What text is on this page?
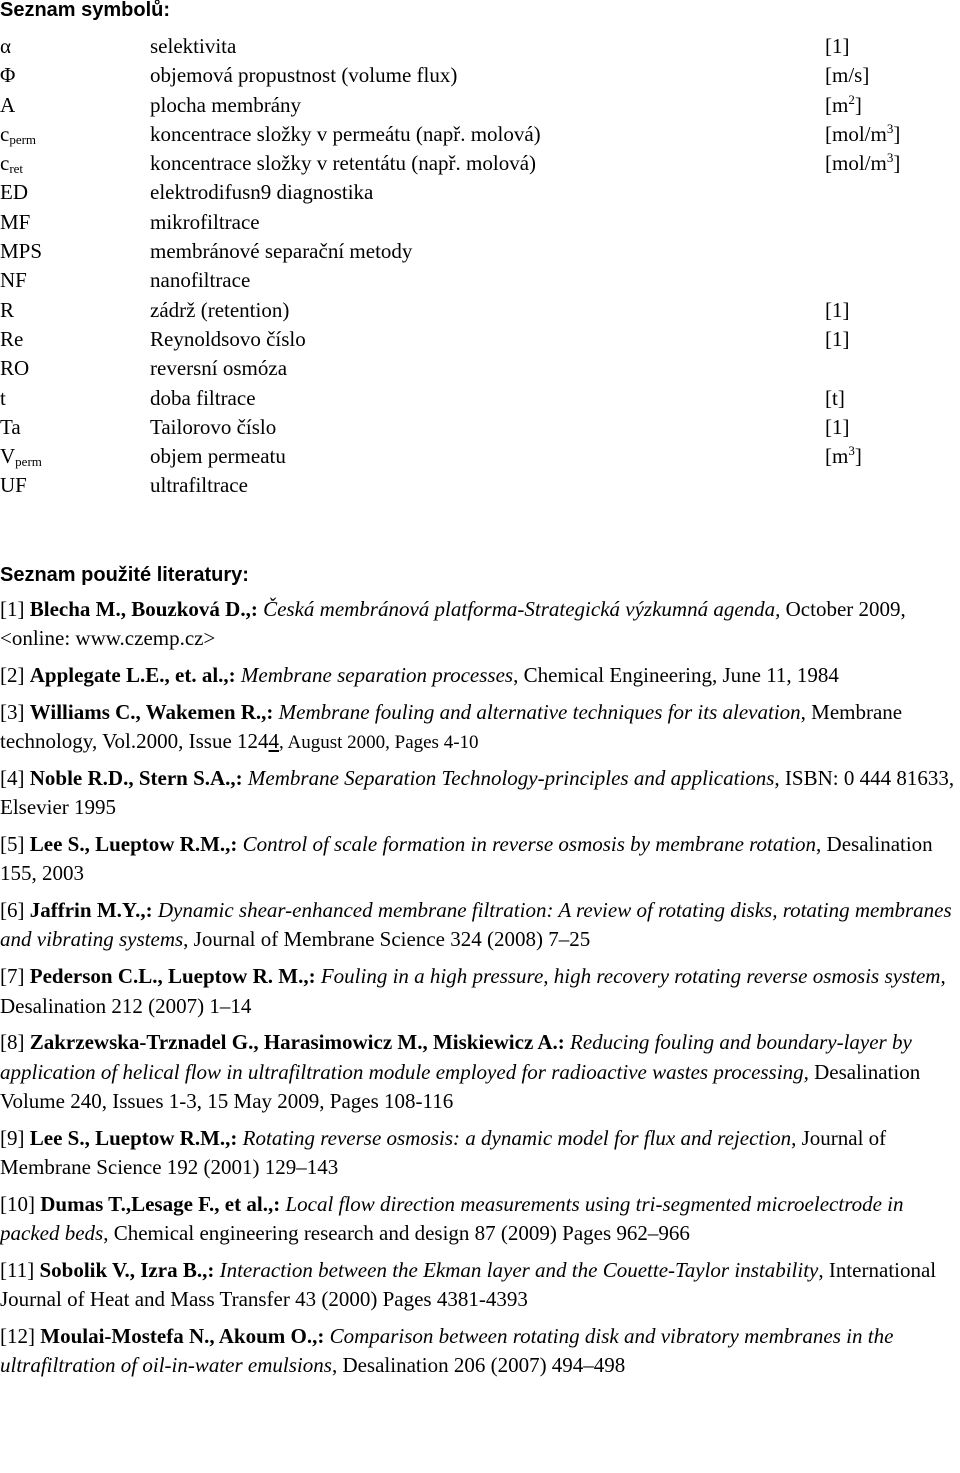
Seznam symbolů:
α	selektivita	[1]
Φ	objemová propustnost (volume flux)	[m/s]
A	plocha membrány	$[m^2]$
$c_{perm}$	koncentrace složky v permeátu (např. molová)	$[mol/m^3]$
$c_{ret}$	koncentrace složky v retentátu (např. molová)	$[mol/m^3]$
ED	elektrodifusn9 diagnostika
MF	mikrofiltrace
MPS	membránové separační metody
NF	nanofiltrace
R	zádrž (retention)	[1]
Re	Reynoldsovo číslo	[1]
RO	reversní osmóza
t	doba filtrace	[t]
Ta	Tailorovo číslo	[1]
$V_{perm}$	objem permeatu	$[m^3]$
UF	ultrafiltrace
Seznam použité literatury:

[1] Blecha M., Bouzková D.,: Česká membránová platforma-Strategická výzkumná agenda, October 2009, <online: www.czemp.cz>

[2] Applegate L.E., et. al.,: Membrane separation processes, Chemical Engineering, June 11, 1984

[3] Williams C., Wakemen R.,: Membrane fouling and alternative techniques for its alevation, Membrane technology, Vol.2000, Issue 1244, August 2000, Pages 4-10

[4] Noble R.D., Stern S.A.,: Membrane Separation Technology-principles and applications, ISBN: 0 444 81633, Elsevier 1995

[5] Lee S., Lueptow R.M.,: Control of scale formation in reverse osmosis by membrane rotation, Desalination 155, 2003

[6] Jaffrin M.Y.,: Dynamic shear-enhanced membrane filtration: A review of rotating disks, rotating membranes and vibrating systems, Journal of Membrane Science 324 (2008) 7–25

[7] Pederson C.L., Lueptow R. M.,: Fouling in a high pressure, high recovery rotating reverse osmosis system, Desalination 212 (2007) 1–14

[8] Zakrzewska-Trznadel G., Harasimowicz M., Miskiewicz A.: Reducing fouling and boundary-layer by application of helical flow in ultrafiltration module employed for radioactive wastes processing, Desalination Volume 240, Issues 1-3, 15 May 2009, Pages 108-116

[9] Lee S., Lueptow R.M.,: Rotating reverse osmosis: a dynamic model for flux and rejection, Journal of Membrane Science 192 (2001) 129–143

[10] Dumas T.,Lesage F., et al.,: Local flow direction measurements using tri-segmented microelectrode in packed beds, Chemical engineering research and design 87 (2009) Pages 962–966

[11] Sobolik V., Izra B.,: Interaction between the Ekman layer and the Couette-Taylor instability, International Journal of Heat and Mass Transfer 43 (2000) Pages 4381-4393

[12] Moulai-Mostefa N., Akoum O.,: Comparison between rotating disk and vibratory membranes in the ultrafiltration of oil-in-water emulsions, Desalination 206 (2007) 494–498
